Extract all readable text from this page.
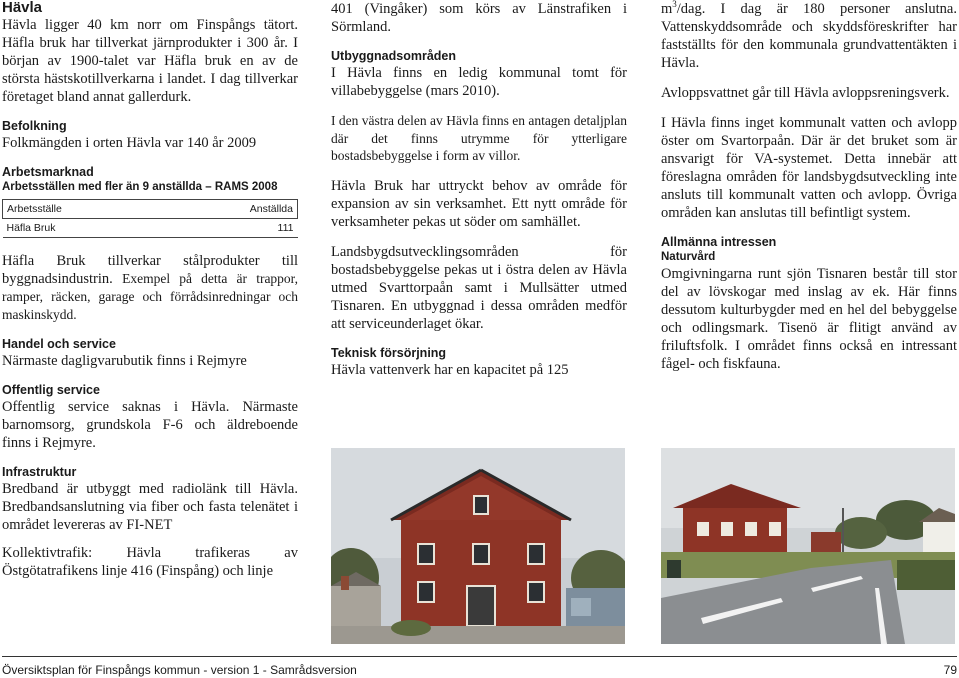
Hävla

Hävla ligger 40 km norr om Finspångs tätort. Häfla bruk har tillverkat järnprodukter i 300 år. I början av 1900-talet var Häfla bruk en av de största hästskotillverkarna i landet. I dag tillverkar företaget bland annat gallerdurk.

Befolkning

Folkmängden i orten Hävla var 140 år 2009

Arbetsmarknad
Arbetsställen med fler än 9 anställda – RAMS 2008
Arbetsställe	Anställda
Häfla Bruk	111

Häfla Bruk tillverkar stålprodukter till byggnadsindustrin. Exempel på detta är trappor, ramper, räcken, garage och förrådsinredningar och maskinskydd.

Handel och service

Närmaste dagligvarubutik finns i Rejmyre

Offentlig service

Offentlig service saknas i Hävla. Närmaste barnomsorg, grundskola F-6 och äldreboende finns i Rejmyre.

Infrastruktur

Bredband är utbyggt med radiolänk till Hävla. Bredbandsanslutning via fiber och fasta telenätet i området levereras av FI-NET

Kollektivtrafik: Hävla trafikeras av Östgötatrafikens linje 416 (Finspång) och linje

401 (Vingåker) som körs av Länstrafiken i Sörmland.

Utbyggnadsområden

I Hävla finns en ledig kommunal tomt för villabebyggelse (mars 2010).

I den västra delen av Hävla finns en antagen detaljplan där det finns utrymme för ytterligare bostadsbebyggelse i form av villor.

Hävla Bruk har uttryckt behov av område för expansion av sin verksamhet. Ett nytt område för verksamheter pekas ut söder om samhället.

Landsbygdsutvecklingsområden för bostadsbebyggelse pekas ut i östra delen av Hävla utmed Svarttorpaån samt i Mullsätter utmed Tisnaren. En utbyggnad i dessa områden medför att serviceunderlaget ökar.

Teknisk försörjning

Hävla vattenverk har en kapacitet på 125

$m^3$/dag. I dag är 180 personer anslutna. Vattenskyddsområde och skyddsföreskrifter har fastställts för den kommunala grundvattentäkten i Hävla.

Avloppsvattnet går till Hävla avloppsreningsverk.

I Hävla finns inget kommunalt vatten och avlopp öster om Svartorpaån. Där är det bruket som är ansvarigt för VA-systemet. Detta innebär att föreslagna områden för landsbygdsutveckling inte ansluts till kommunalt vatten och avlopp. Övriga områden kan anslutas till befintligt system.

Allmänna intressen
Naturvård

Omgivningarna runt sjön Tisnaren består till stor del av lövskogar med inslag av ek. Här finns dessutom kulturbygder med en hel del bebyggelse och odlingsmark. Tisenö är flitigt använd av friluftsfolk. I området finns också en intressant fågel- och fiskfauna.

Översiktsplan för Finspångs kommun - version 1 - Samrådsversion	79
